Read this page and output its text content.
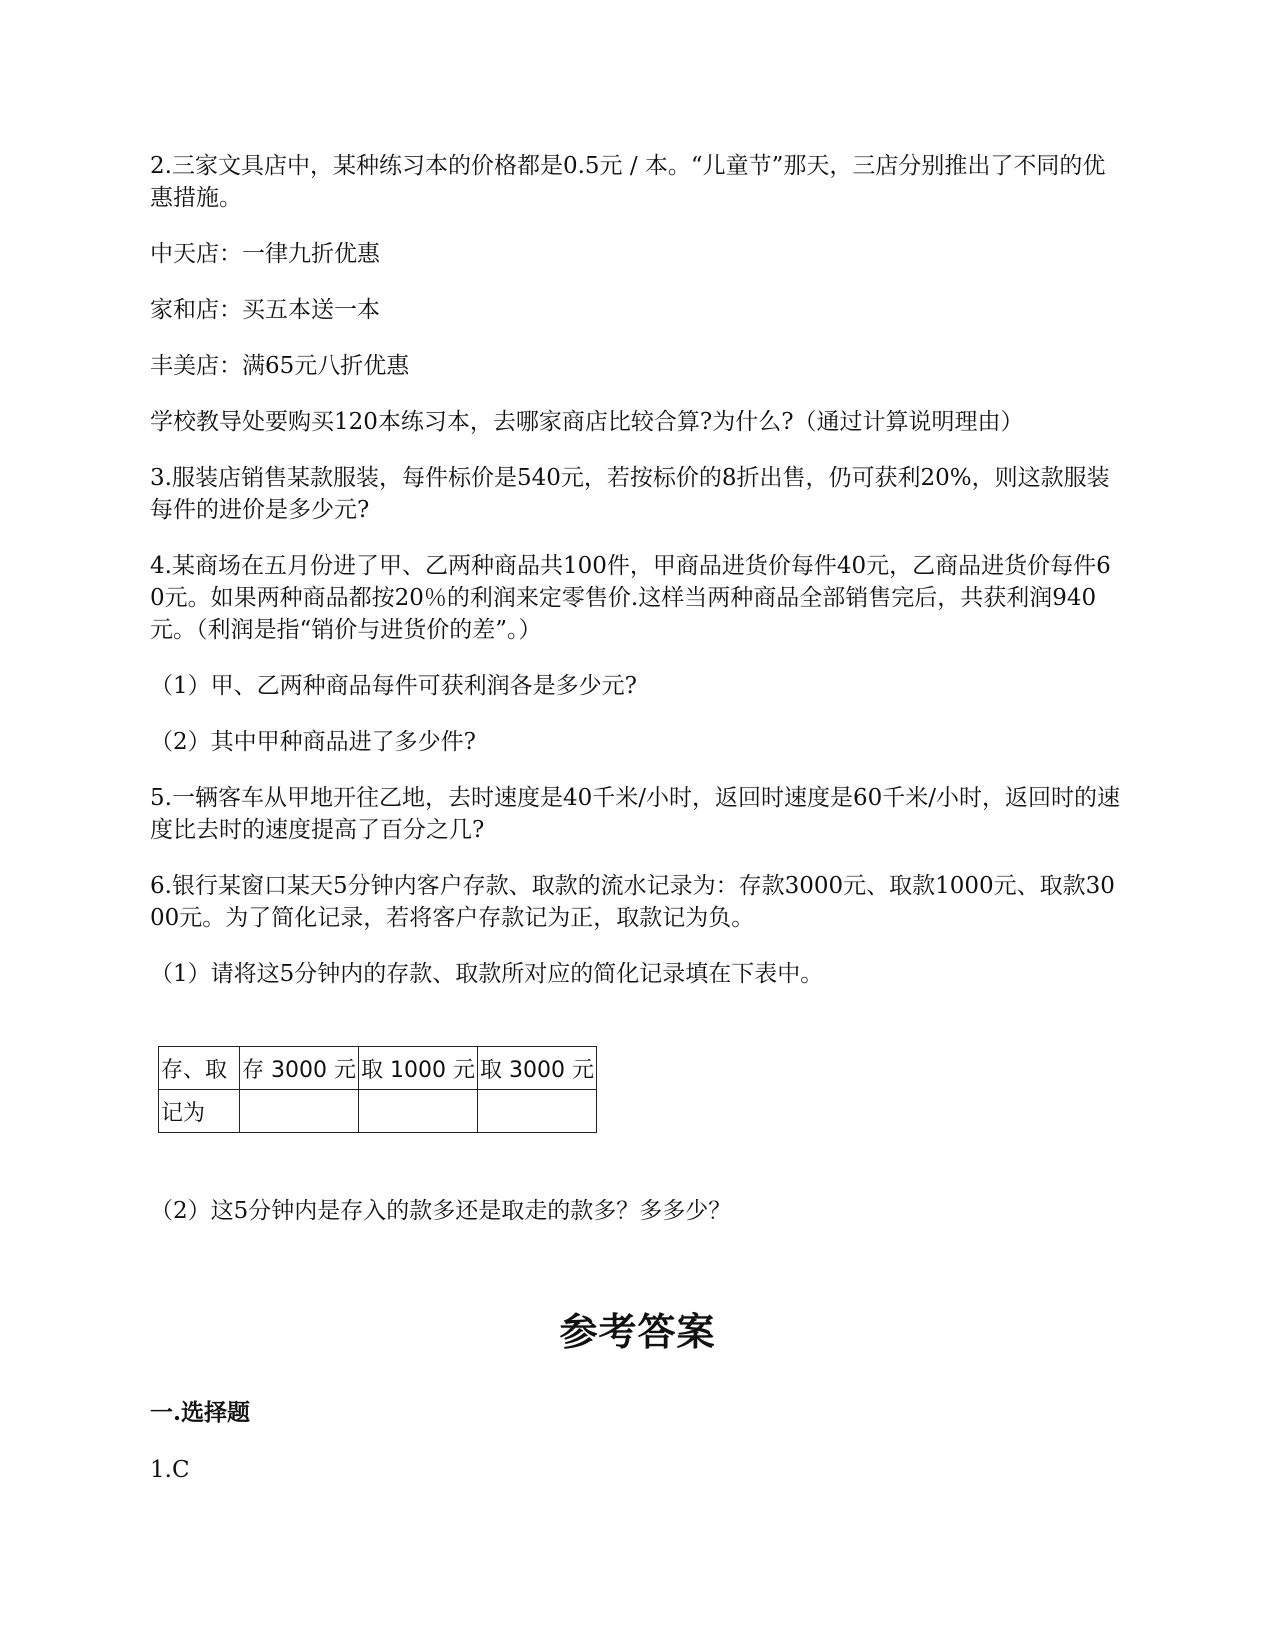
2.三家文具店中，某种练习本的价格都是0.5元 / 本。“儿童节”那天，三店分别推出了不同的优惠措施。

中天店：一律九折优惠

家和店：买五本送一本

丰美店：满65元八折优惠

学校教导处要购买120本练习本，去哪家商店比较合算?为什么?（通过计算说明理由）

3.服装店销售某款服装，每件标价是540元，若按标价的8折出售，仍可获利20%，则这款服装每件的进价是多少元?

4.某商场在五月份进了甲、乙两种商品共100件，甲商品进货价每件40元，乙商品进货价每件60元。如果两种商品都按20％的利润来定零售价.这样当两种商品全部销售完后，共获利润940元。（利润是指“销价与进货价的差”。）

（1）甲、乙两种商品每件可获利润各是多少元?

（2）其中甲种商品进了多少件?

5.一辆客车从甲地开往乙地，去时速度是40千米/小时，返回时速度是60千米/小时，返回时的速度比去时的速度提高了百分之几?

6.银行某窗口某天5分钟内客户存款、取款的流水记录为：存款3000元、取款1000元、取款3000元。为了简化记录，若将客户存款记为正，取款记为负。

（1）请将这5分钟内的存款、取款所对应的简化记录填在下表中。

存、取	存 3000 元	取 1000 元	取 3000 元
记为			

（2）这5分钟内是存入的款多还是取走的款多？多多少？

参考答案
一.选择题

1.C
